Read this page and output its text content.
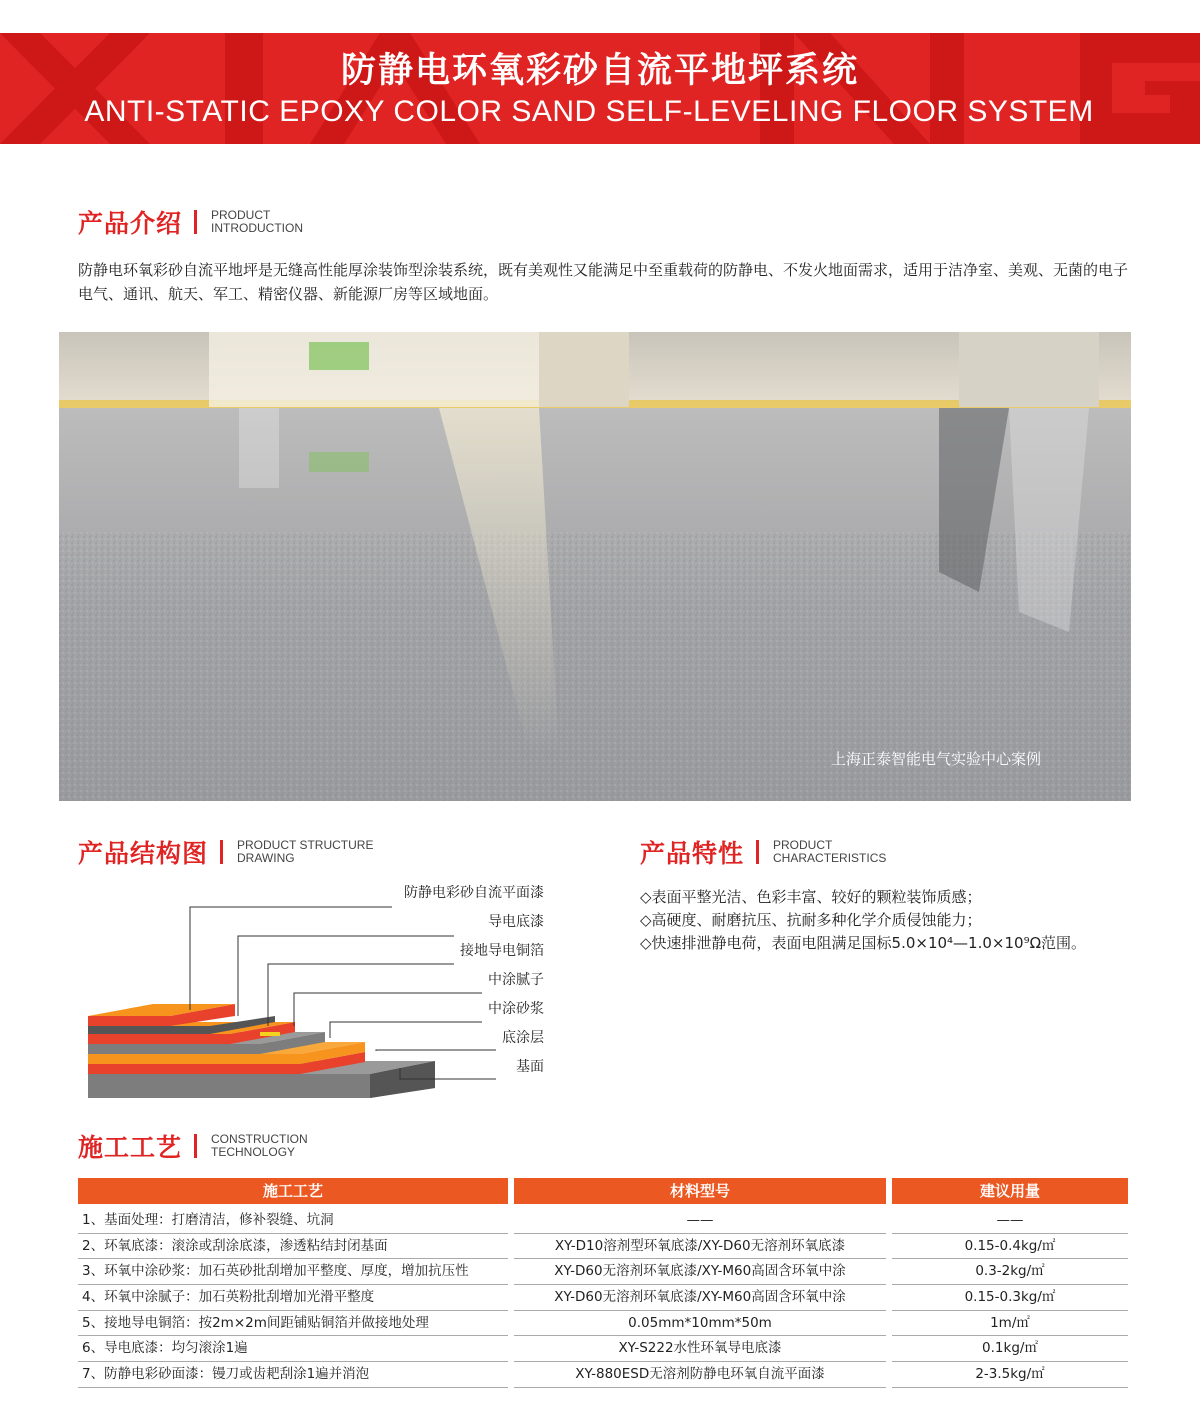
防静电环氧彩砂自流平地坪系统
ANTI-STATIC EPOXY COLOR SAND SELF-LEVELING FLOOR SYSTEM
产品介绍 PRODUCT
INTRODUCTION
防静电环氧彩砂自流平地坪是无缝高性能厚涂装饰型涂装系统，既有美观性又能满足中至重载荷的防静电、不发火地面需求，适用于洁净室、美观、无菌的电子电气、通讯、航天、军工、精密仪器、新能源厂房等区域地面。
上海正泰智能电气实验中心案例
产品结构图 PRODUCT STRUCTURE
DRAWING
防静电彩砂自流平面漆
导电底漆
接地导电铜箔
中涂腻子
中涂砂浆
底涂层
基面
产品特性 PRODUCT
CHARACTERISTICS
◇表面平整光洁、色彩丰富、较好的颗粒装饰质感；
◇高硬度、耐磨抗压、抗耐多种化学介质侵蚀能力；
◇快速排泄静电荷，表面电阻满足国标5.0×10⁴—1.0×10⁹Ω范围。
施工工艺 CONSTRUCTION
TECHNOLOGY
施工工艺	材料型号	建议用量
1、基面处理：打磨清洁，修补裂缝、坑洞	——	——
2、环氧底漆：滚涂或刮涂底漆，渗透粘结封闭基面	XY-D10溶剂型环氧底漆/XY-D60无溶剂环氧底漆	0.15-0.4kg/㎡
3、环氧中涂砂浆：加石英砂批刮增加平整度、厚度，增加抗压性	XY-D60无溶剂环氧底漆/XY-M60高固含环氧中涂	0.3-2kg/㎡
4、环氧中涂腻子：加石英粉批刮增加光滑平整度	XY-D60无溶剂环氧底漆/XY-M60高固含环氧中涂	0.15-0.3kg/㎡
5、接地导电铜箔：按2m×2m间距铺贴铜箔并做接地处理	0.05mm*10mm*50m	1m/㎡
6、导电底漆：均匀滚涂1遍	XY-S222水性环氧导电底漆	0.1kg/㎡
7、防静电彩砂面漆：镘刀或齿耙刮涂1遍并消泡	XY-880ESD无溶剂防静电环氧自流平面漆	2-3.5kg/㎡
